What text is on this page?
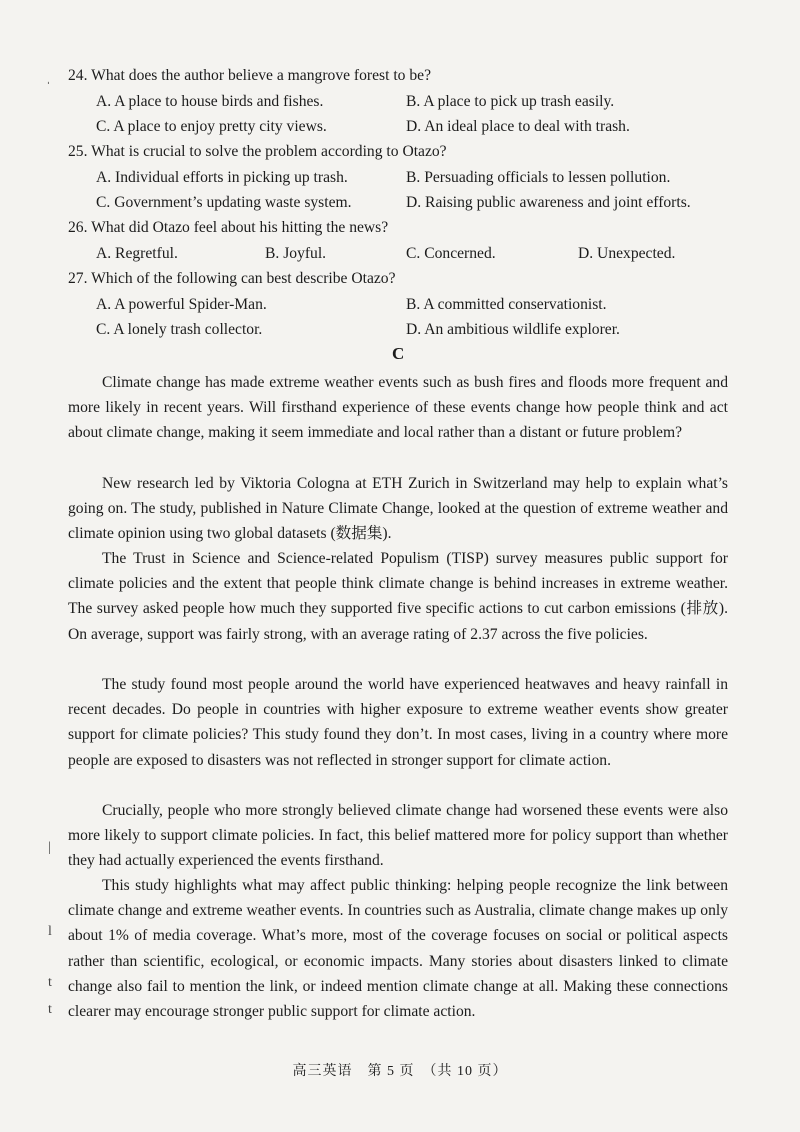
24. What does the author believe a mangrove forest to be?
A. A place to house birds and fishes.	B. A place to pick up trash easily.
C. A place to enjoy pretty city views.	D. An ideal place to deal with trash.
25. What is crucial to solve the problem according to Otazo?
A. Individual efforts in picking up trash.	B. Persuading officials to lessen pollution.
C. Government’s updating waste system.	D. Raising public awareness and joint efforts.
26. What did Otazo feel about his hitting the news?
A. Regretful.	B. Joyful.	C. Concerned.	D. Unexpected.
27. Which of the following can best describe Otazo?
A. A powerful Spider-Man.	B. A committed conservationist.
C. A lonely trash collector.	D. An ambitious wildlife explorer.
C
Climate change has made extreme weather events such as bush fires and floods more frequent and more likely in recent years. Will firsthand experience of these events change how people think and act about climate change, making it seem immediate and local rather than a distant or future problem?
New research led by Viktoria Cologna at ETH Zurich in Switzerland may help to explain what’s going on. The study, published in Nature Climate Change, looked at the question of extreme weather and climate opinion using two global datasets (数据集).
The Trust in Science and Science-related Populism (TISP) survey measures public support for climate policies and the extent that people think climate change is behind increases in extreme weather. The survey asked people how much they supported five specific actions to cut carbon emissions (排放). On average, support was fairly strong, with an average rating of 2.37 across the five policies.
The study found most people around the world have experienced heatwaves and heavy rainfall in recent decades. Do people in countries with higher exposure to extreme weather events show greater support for climate policies? This study found they don’t. In most cases, living in a country where more people are exposed to disasters was not reflected in stronger support for climate action.
Crucially, people who more strongly believed climate change had worsened these events were also more likely to support climate policies. In fact, this belief mattered more for policy support than whether they had actually experienced the events firsthand.
This study highlights what may affect public thinking: helping people recognize the link between climate change and extreme weather events. In countries such as Australia, climate change makes up only about 1% of media coverage. What’s more, most of the coverage focuses on social or political aspects rather than scientific, ecological, or economic impacts. Many stories about disasters linked to climate change also fail to mention the link, or indeed mention climate change at all. Making these connections clearer may encourage stronger public support for climate action.
ˌ
|
l
t
t
高三英语　第 5 页　（共 10 页）
